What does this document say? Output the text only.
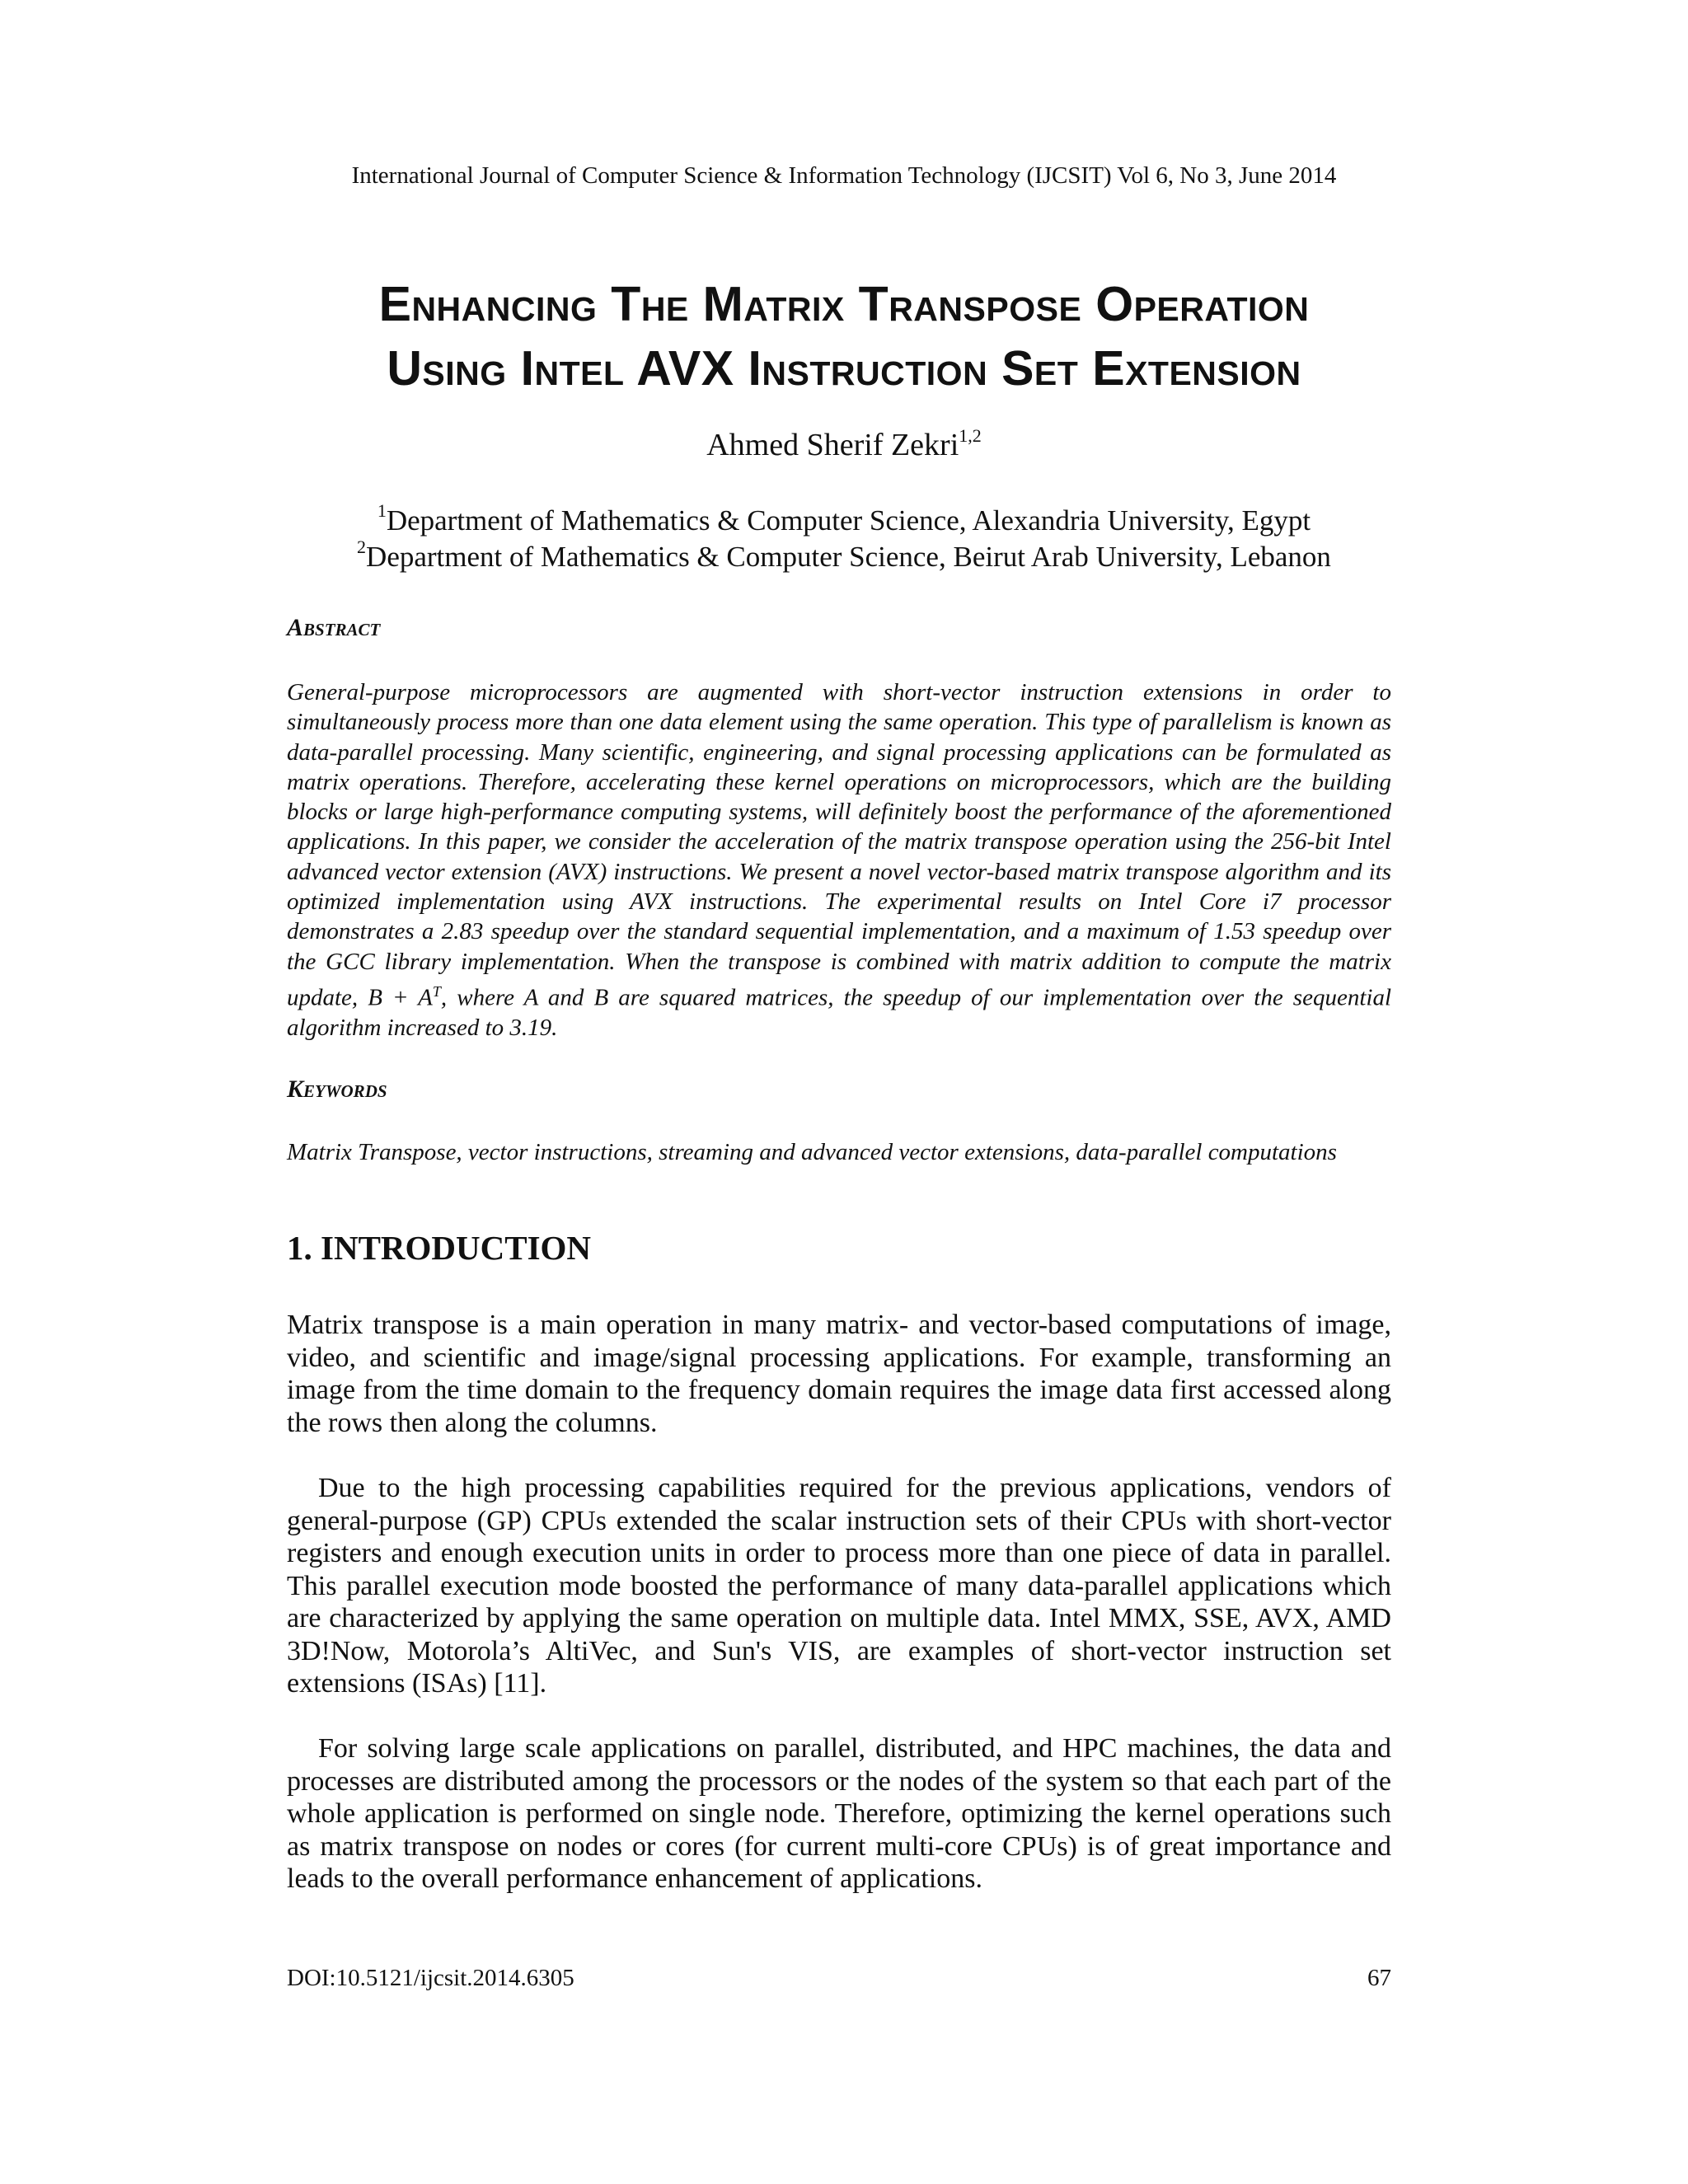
International Journal of Computer Science & Information Technology (IJCSIT) Vol 6, No 3, June 2014
Enhancing The Matrix Transpose Operation
Using Intel AVX Instruction Set Extension
Ahmed Sherif Zekri$^{1,2}$
$^1$Department of Mathematics & Computer Science, Alexandria University, Egypt
$^2$Department of Mathematics & Computer Science, Beirut Arab University, Lebanon
Abstract
General-purpose microprocessors are augmented with short-vector instruction extensions in order to simultaneously process more than one data element using the same operation. This type of parallelism is known as data-parallel processing. Many scientific, engineering, and signal processing applications can be formulated as matrix operations. Therefore, accelerating these kernel operations on microprocessors, which are the building blocks or large high-performance computing systems, will definitely boost the performance of the aforementioned applications. In this paper, we consider the acceleration of the matrix transpose operation using the 256-bit Intel advanced vector extension (AVX) instructions. We present a novel vector-based matrix transpose algorithm and its optimized implementation using AVX instructions. The experimental results on Intel Core i7 processor demonstrates a 2.83 speedup over the standard sequential implementation, and a maximum of 1.53 speedup over the GCC library implementation. When the transpose is combined with matrix addition to compute the matrix update, $B + A^T$, where A and B are squared matrices, the speedup of our implementation over the sequential algorithm increased to 3.19.
Keywords
Matrix Transpose, vector instructions, streaming and advanced vector extensions, data-parallel computations
1. INTRODUCTION
Matrix transpose is a main operation in many matrix- and vector-based computations of image, video, and scientific and image/signal processing applications. For example, transforming an image from the time domain to the frequency domain requires the image data first accessed along the rows then along the columns.
Due to the high processing capabilities required for the previous applications, vendors of general-purpose (GP) CPUs extended the scalar instruction sets of their CPUs with short-vector registers and enough execution units in order to process more than one piece of data in parallel. This parallel execution mode boosted the performance of many data-parallel applications which are characterized by applying the same operation on multiple data. Intel MMX, SSE, AVX, AMD 3D!Now, Motorola’s AltiVec, and Sun's VIS, are examples of short-vector instruction set extensions (ISAs) [11].
For solving large scale applications on parallel, distributed, and HPC machines, the data and processes are distributed among the processors or the nodes of the system so that each part of the whole application is performed on single node. Therefore, optimizing the kernel operations such as matrix transpose on nodes or cores (for current multi-core CPUs) is of great importance and leads to the overall performance enhancement of applications.
DOI:10.5121/ijcsit.2014.6305	67
